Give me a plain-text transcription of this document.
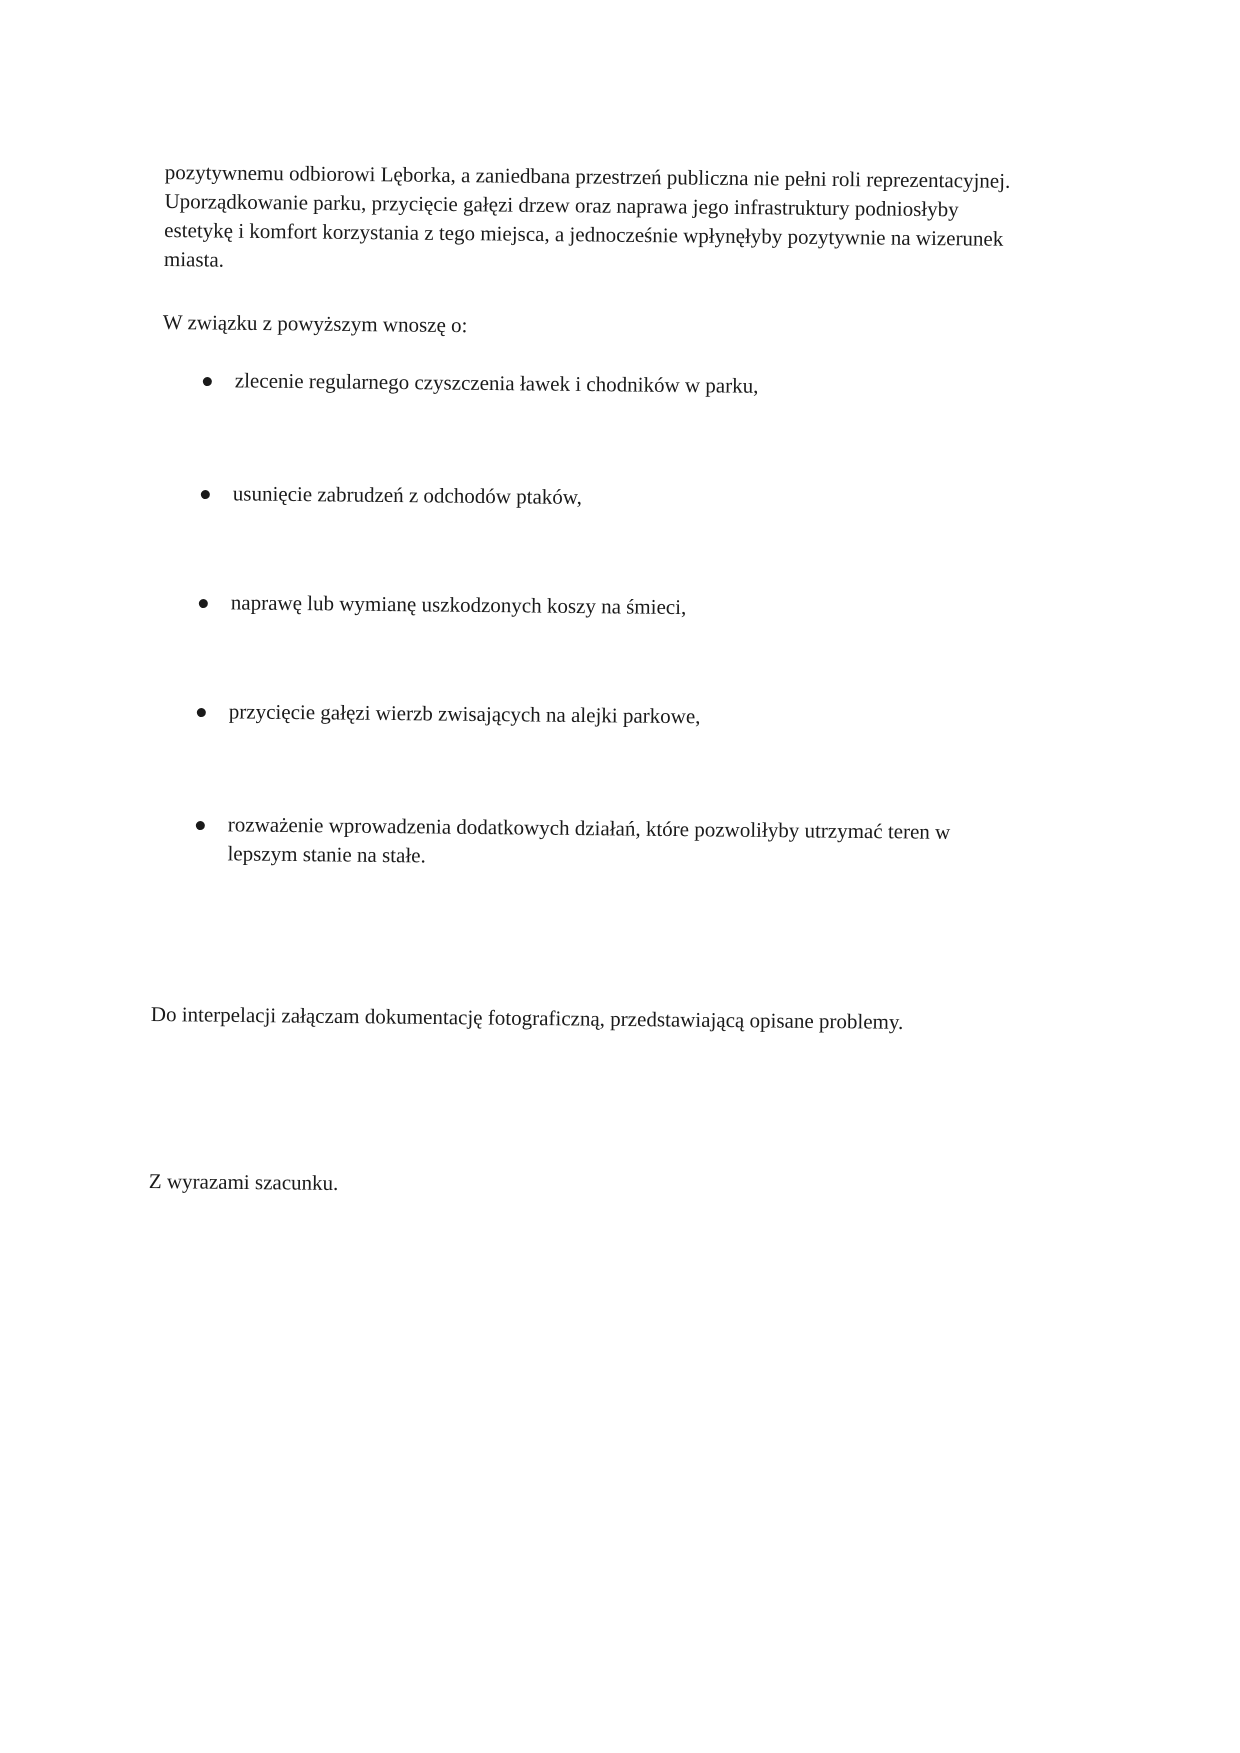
pozytywnemu odbiorowi Lęborka, a zaniedbana przestrzeń publiczna nie pełni roli reprezentacyjnej.
Uporządkowanie parku, przycięcie gałęzi drzew oraz naprawa jego infrastruktury podniosłyby
estetykę i komfort korzystania z tego miejsca, a jednocześnie wpłynęłyby pozytywnie na wizerunek
miasta.

W związku z powyższym wnoszę o:

zlecenie regularnego czyszczenia ławek i chodników w parku,
usunięcie zabrudzeń z odchodów ptaków,
naprawę lub wymianę uszkodzonych koszy na śmieci,
przycięcie gałęzi wierzb zwisających na alejki parkowe,
rozważenie wprowadzenia dodatkowych działań, które pozwoliłyby utrzymać teren w
lepszym stanie na stałe.

Do interpelacji załączam dokumentację fotograficzną, przedstawiającą opisane problemy.

Z wyrazami szacunku.
